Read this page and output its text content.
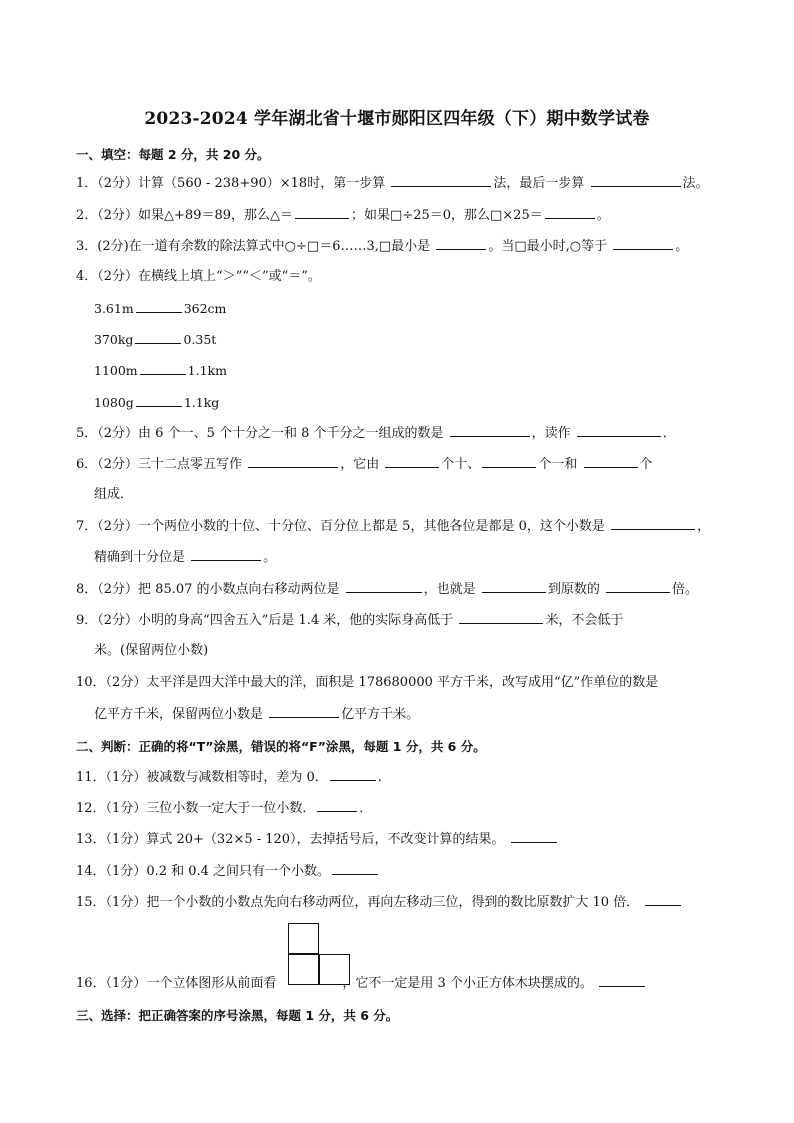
2023-2024 学年湖北省十堰市郧阳区四年级（下）期中数学试卷
一、填空：每题 2 分，共 20 分。
1．（2分）计算（560 - 238+90）×18时，第一步算	法，最后一步算	法。
2．（2分）如果△+89＝89，那么△＝	；如果□÷25＝0，那么□×25＝	。
3．(2分)在一道有余数的除法算式中○÷□＝6……3,□最小是	。当□最小时,○等于	。
4．（2分）在横线上填上“＞”“＜”或“＝”。
3.61m	362cm
370kg	0.35t
1100m	1.1km
1080g	1.1kg
5．（2分）由 6 个一、5 个十分之一和 8 个千分之一组成的数是	，读作	．
6．（2分）三十二点零五写作	，它由	个十、	个一和	个
组成．
7．（2分）一个两位小数的十位、十分位、百分位上都是 5，其他各位是都是 0，这个小数是	，
精确到十分位是	。
8．（2分）把 85.07 的小数点向右移动两位是	，也就是	到原数的	倍。
9．（2分）小明的身高“四舍五入”后是 1.4 米，他的实际身高低于	米，不会低于
米。(保留两位小数)
10．（2分）太平洋是四大洋中最大的洋，面积是 178680000 平方千米，改写成用“亿”作单位的数是
亿平方千米，保留两位小数是	亿平方千米。
二、判断：正确的将“T”涂黑，错误的将“F”涂黑，每题 1 分，共 6 分。
11．（1分）被减数与减数相等时，差为 0．	．
12．（1分）三位小数一定大于一位小数．	．
13．（1分）算式 20+（32×5 - 120），去掉括号后，不改变计算的结果。
14．（1分）0.2 和 0.4 之间只有一个小数。
15．（1分）把一个小数的小数点先向右移动两位，再向左移动三位，得到的数比原数扩大 10 倍．
16．（1分）一个立体图形从前面看	，它不一定是用 3 个小正方体木块摆成的。
三、选择：把正确答案的序号涂黑，每题 1 分，共 6 分。
